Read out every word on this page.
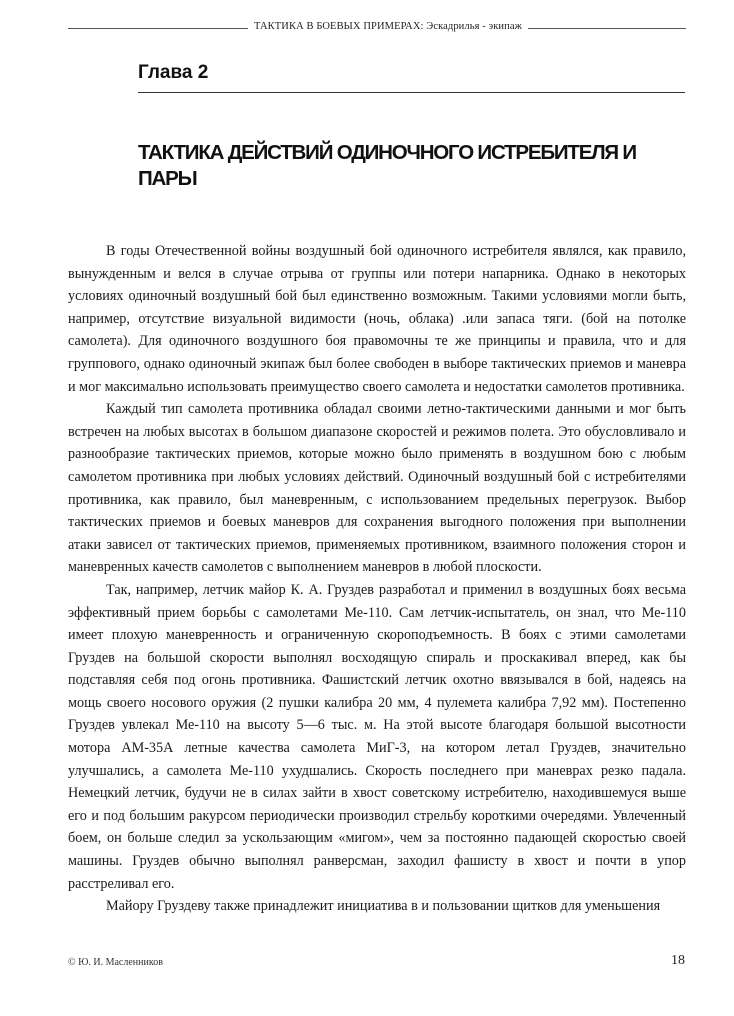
ТАКТИКА В БОЕВЫХ ПРИМЕРАХ: Эскадрилья - экипаж
Глава 2
ТАКТИКА ДЕЙСТВИЙ ОДИНОЧНОГО ИСТРЕБИТЕЛЯ И ПАРЫ

В годы Отечественной войны воздушный бой одиночного истребителя являлся, как правило, вынужденным и велся в случае отрыва от группы или потери напарника. Однако в некоторых условиях одиночный воздушный бой был единственно возможным. Такими условиями могли быть, например, отсутствие визуальной видимости (ночь, облака) .или запаса тяги. (бой на потолке самолета). Для одиночного воздушного боя правомочны те же принципы и правила, что и для группового, однако одиночный экипаж был более свободен в выборе тактических приемов и маневра и мог максимально использовать преимущество своего самолета и недостатки самолетов противника.

Каждый тип самолета противника обладал своими летно-тактическими данными и мог быть встречен на любых высотах в большом диапазоне скоростей и режимов полета. Это обусловливало и разнообразие тактических приемов, которые можно было применять в воздушном бою с любым самолетом противника при любых условиях действий. Одиночный воздушный бой с истребителями противника, как правило, был маневренным, с использованием предельных перегрузок. Выбор тактических приемов и боевых маневров для сохранения выгодного положения при выполнении атаки зависел от тактических приемов, применяемых противником, взаимного положения сторон и маневренных качеств самолетов с выполнением маневров в любой плоскости.

Так, например, летчик майор К. А. Груздев разработал и применил в воздушных боях весьма эффективный прием борьбы с самолетами Ме-110. Сам летчик-испытатель, он знал, что Ме-110 имеет плохую маневренность и ограниченную скороподъемность. В боях с этими самолетами Груздев на большой скорости выполнял восходящую спираль и проскакивал вперед, как бы подставляя себя под огонь противника. Фашистский летчик охотно ввязывался в бой, надеясь на мощь своего носового оружия (2 пушки калибра 20 мм, 4 пулемета калибра 7,92 мм). Постепенно Груздев увлекал Ме-110 на высоту 5—6 тыс. м. На этой высоте благодаря большой высотности мотора АМ-35А летные качества самолета МиГ-3, на котором летал Груздев, значительно улучшались, а самолета Ме-110 ухудшались. Скорость последнего при маневрах резко падала. Немецкий летчик, будучи не в силах зайти в хвост советскому истребителю, находившемуся выше его и под большим ракурсом периодически производил стрельбу короткими очередями. Увлеченный боем, он больше следил за ускользающим «мигом», чем за постоянно падающей скоростью своей машины. Груздев обычно выполнял ранверсман, заходил фашисту в хвост и почти в упор расстреливал его.

Майору Груздеву также принадлежит инициатива в и пользовании щитков для уменьшения

© Ю. И. Масленников	18
